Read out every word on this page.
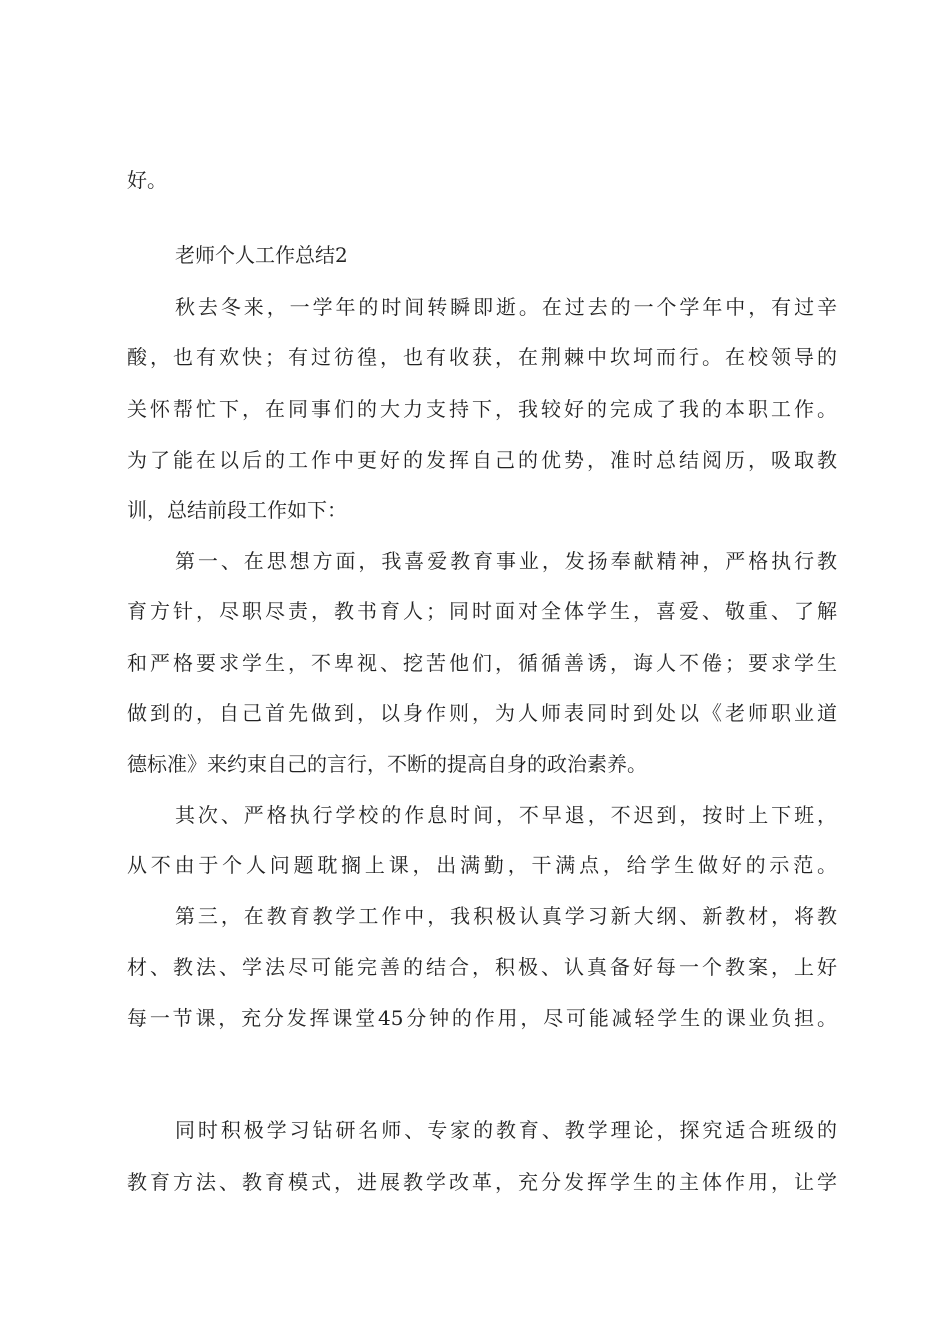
好。
老师个人工作总结2
秋去冬来，一学年的时间转瞬即逝。在过去的一个学年中，有过辛
酸，也有欢快；有过彷徨，也有收获，在荆棘中坎坷而行。在校领导的
关怀帮忙下，在同事们的大力支持下，我较好的完成了我的本职工作。
为了能在以后的工作中更好的发挥自己的优势，准时总结阅历，吸取教
训，总结前段工作如下：
第一、在思想方面，我喜爱教育事业，发扬奉献精神，严格执行教
育方针，尽职尽责，教书育人；同时面对全体学生，喜爱、敬重、了解
和严格要求学生，不卑视、挖苦他们，循循善诱，诲人不倦；要求学生
做到的，自己首先做到，以身作则，为人师表同时到处以《老师职业道
德标准》来约束自己的言行，不断的提高自身的政治素养。
其次、严格执行学校的作息时间，不早退，不迟到，按时上下班，
从不由于个人问题耽搁上课，出满勤，干满点，给学生做好的示范。
第三，在教育教学工作中，我积极认真学习新大纲、新教材，将教
材、教法、学法尽可能完善的结合，积极、认真备好每一个教案，上好
每一节课，充分发挥课堂45分钟的作用，尽可能减轻学生的课业负担。
同时积极学习钻研名师、专家的教育、教学理论，探究适合班级的
教育方法、教育模式，进展教学改革，充分发挥学生的主体作用，让学
